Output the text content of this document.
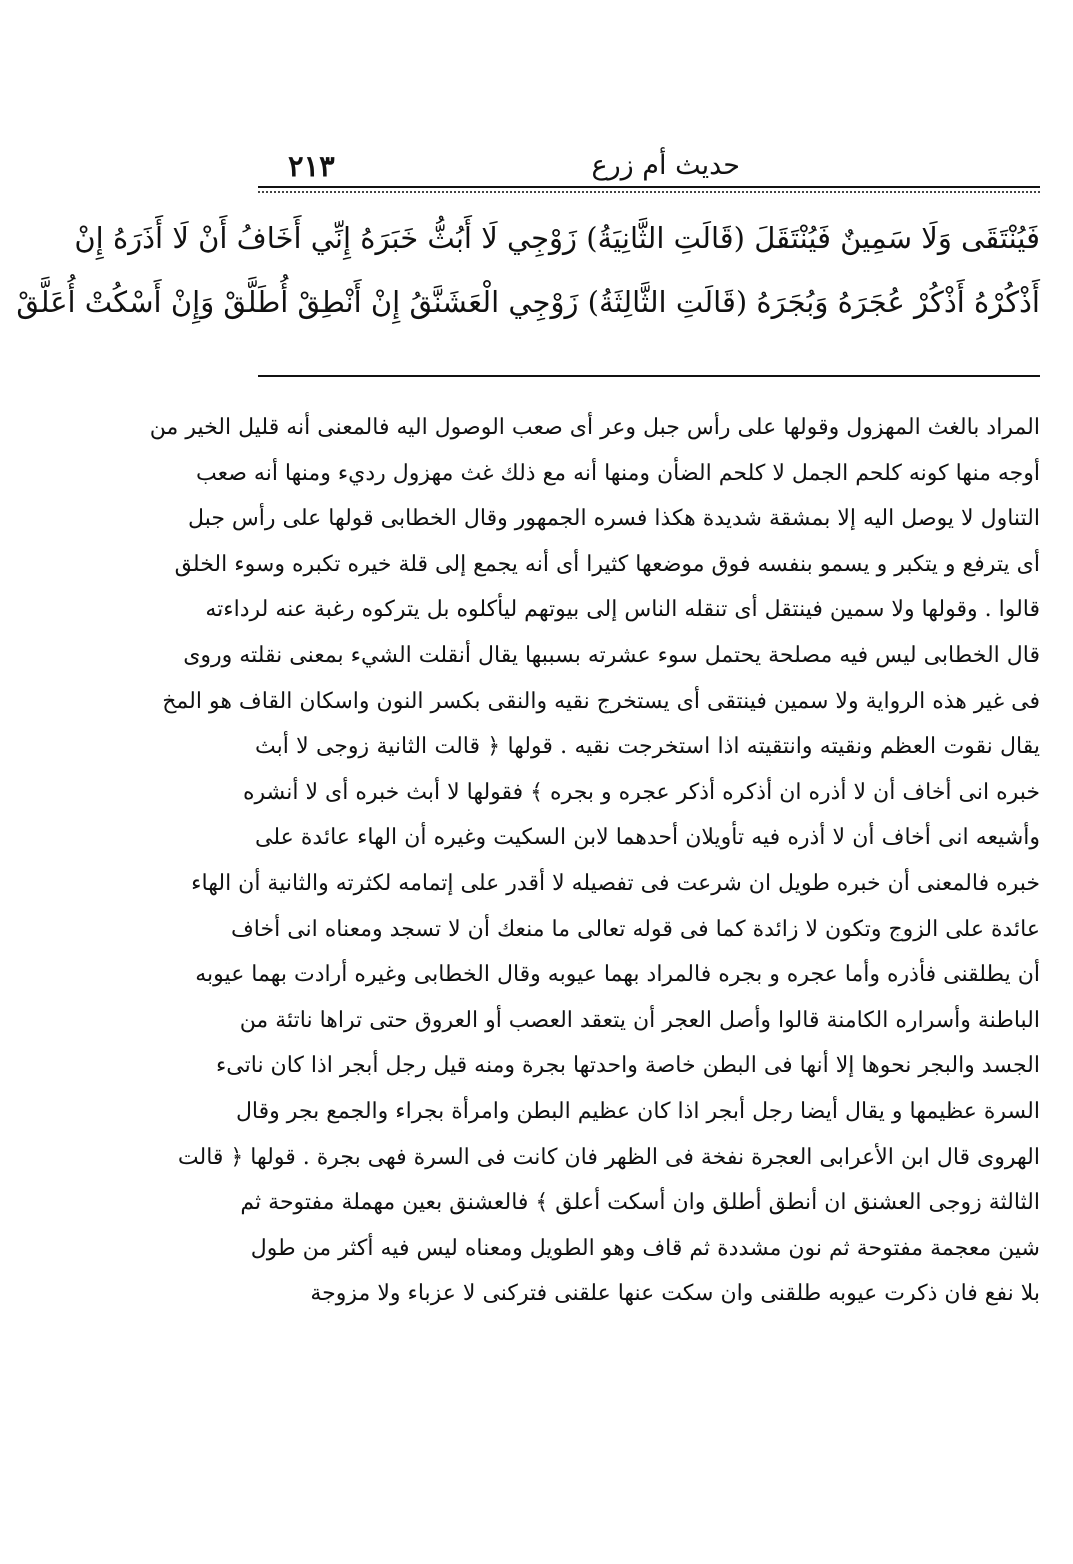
حديث أم زرع
٢١٣
فَيُنْتَقَى وَلَا سَمِينٌ فَيُنْتَقَلَ (قَالَتِ الثَّانِيَةُ) زَوْجِي لَا أَبُثُّ خَبَرَهُ إِنِّي أَخَافُ أَنْ لَا أَذَرَهُ إِنْ
أَذْكُرْهُ أَذْكُرْ عُجَرَهُ وَبُجَرَهُ (قَالَتِ الثَّالِثَةُ) زَوْجِي الْعَشَنَّقُ إِنْ أَنْطِقْ أُطَلَّقْ وَإِنْ أَسْكُتْ أُعَلَّقْ
المراد بالغث المهزول وقولها على رأس جبل وعر أى صعب الوصول اليه فالمعنى أنه قليل الخير من
أوجه منها كونه كلحم الجمل لا كلحم الضأن ومنها أنه مع ذلك غث مهزول رديء ومنها أنه صعب
التناول لا يوصل اليه إلا بمشقة شديدة هكذا فسره الجمهور وقال الخطابى قولها على رأس جبل
أى يترفع و يتكبر و يسمو بنفسه فوق موضعها كثيرا أى أنه يجمع إلى قلة خيره تكبره وسوء الخلق
قالوا . وقولها ولا سمين فينتقل أى تنقله الناس إلى بيوتهم ليأكلوه بل يتركوه رغبة عنه لرداءته
قال الخطابى ليس فيه مصلحة يحتمل سوء عشرته بسببها يقال أنقلت الشيء بمعنى نقلته وروى
فى غير هذه الرواية ولا سمين فينتقى أى يستخرج نقيه والنقى بكسر النون واسكان القاف هو المخ
يقال نقوت العظم ونقيته وانتقيته اذا استخرجت نقيه . قولها ﴿ قالت الثانية زوجى لا أبث
خبره انى أخاف أن لا أذره ان أذكره أذكر عجره و بجره ﴾ فقولها لا أبث خبره أى لا أنشره
وأشيعه انى أخاف أن لا أذره فيه تأويلان أحدهما لابن السكيت وغيره أن الهاء عائدة على
خبره فالمعنى أن خبره طويل ان شرعت فى تفصيله لا أقدر على إتمامه لكثرته والثانية أن الهاء
عائدة على الزوج وتكون لا زائدة كما فى قوله تعالى ما منعك أن لا تسجد ومعناه انى أخاف
أن يطلقنى فأذره وأما عجره و بجره فالمراد بهما عيوبه وقال الخطابى وغيره أرادت بهما عيوبه
الباطنة وأسراره الكامنة قالوا وأصل العجر أن يتعقد العصب أو العروق حتى تراها ناتئة من
الجسد والبجر نحوها إلا أنها فى البطن خاصة واحدتها بجرة ومنه قيل رجل أبجر اذا كان ناتىء
السرة عظيمها و يقال أيضا رجل أبجر اذا كان عظيم البطن وامرأة بجراء والجمع بجر وقال
الهروى قال ابن الأعرابى العجرة نفخة فى الظهر فان كانت فى السرة فهى بجرة . قولها ﴿ قالت
الثالثة زوجى العشنق ان أنطق أطلق وان أسكت أعلق ﴾ فالعشنق بعين مهملة مفتوحة ثم
شين معجمة مفتوحة ثم نون مشددة ثم قاف وهو الطويل ومعناه ليس فيه أكثر من طول
بلا نفع فان ذكرت عيوبه طلقنى وان سكت عنها علقنى فتركنى لا عزباء ولا مزوجة
